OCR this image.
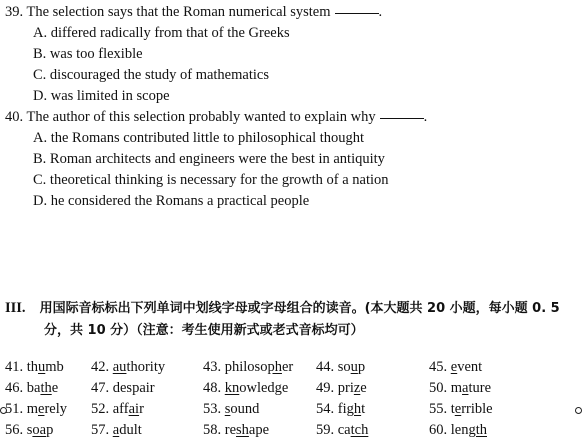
39. The selection says that the Roman numerical system	.
A. differed radically from that of the Greeks
B. was too flexible
C. discouraged the study of mathematics
D. was limited in scope
40. The author of this selection probably wanted to explain why	.
A. the Romans contributed little to philosophical thought
B. Roman architects and engineers were the best in antiquity
C. theoretical thinking is necessary for the growth of a nation
D. he considered the Romans a practical people
III. 用国际音标标出下列单词中划线字母或字母组合的读音。(本大题共 20 小题，每小题 0. 5
分，共 10 分）（注意：考生使用新式或老式音标均可）
41. thumb 42. authority	43. philosopher 44. soup	45. event
46. bathe 47. despair	48. knowledge 49. prize	50. mature
51. merely 52. affair	53. sound	54. fight	55. terrible
56. soap	57. adult	58. reshape	59. catch	60. length
